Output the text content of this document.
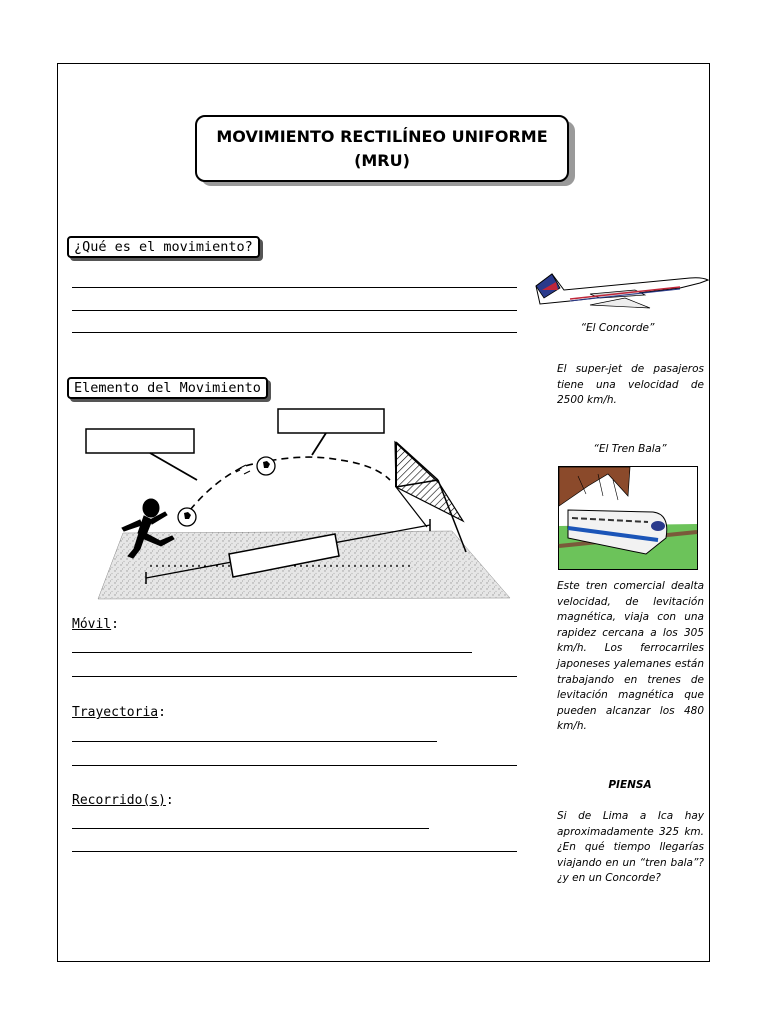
MOVIMIENTO RECTILÍNEO UNIFORME
(MRU)
¿Qué es el movimiento?
Elemento del Movimiento
Móvil:
Trayectoria:
Recorrido(s):
“El Concorde”
El super-jet de pasajeros tiene una velocidad de 2500 km/h.
“El Tren Bala”
Este tren comercial dealta velocidad, de levitación magnética, viaja con una rapidez cercana a los 305 km/h. Los ferrocarriles japoneses yalemanes están trabajando en trenes de levitación magnética que pueden alcanzar los 480 km/h.
PIENSA
Si de Lima a Ica hay aproximadamente 325 km. ¿En qué tiempo llegarías viajando en un “tren bala”? ¿y en un Concorde?
